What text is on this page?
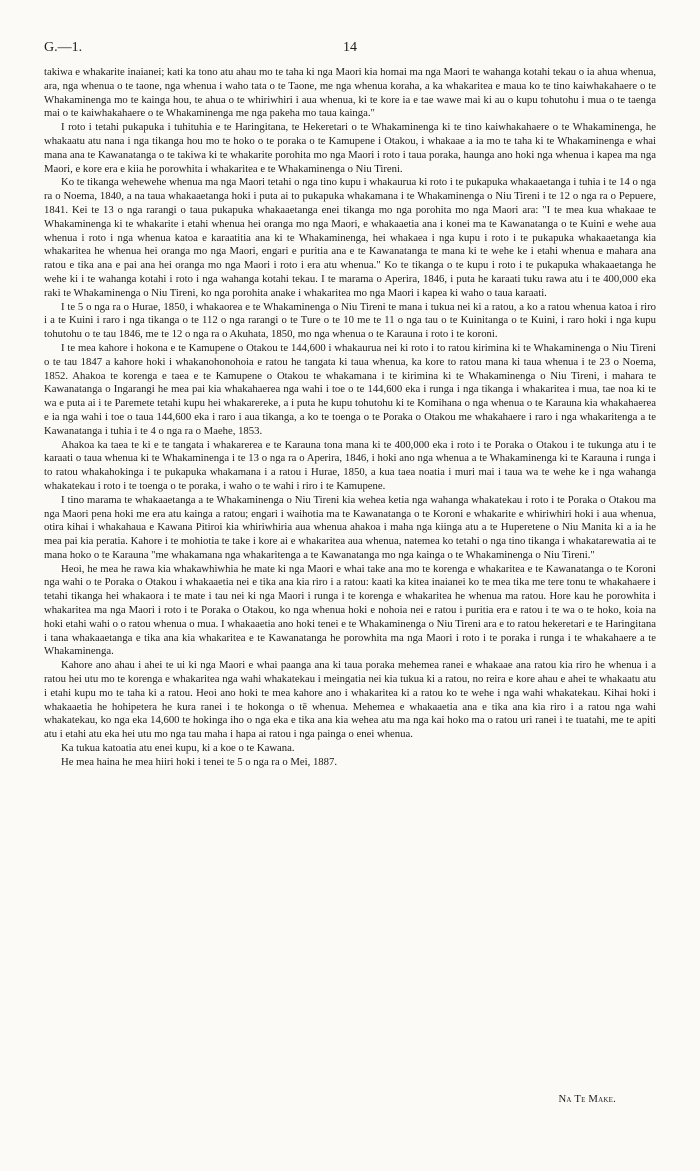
G.—1.	14

takiwa e whakarite inaianei; kati ka tono atu ahau mo te taha ki nga Maori kia homai ma nga Maori te wahanga kotahi tekau o ia ahua whenua, ara, nga whenua o te taone, nga whenua i waho tata o te Taone, me nga whenua koraha, a ka whakaritea e maua ko te tino kaiwhakahaere o te Whakaminenga mo te kainga hou, te ahua o te whiriwhiri i aua whenua, ki te kore ia e tae wawe mai ki au o kupu tohutohu i mua o te taenga mai o te kaiwhakahaere o te Whakaminenga me nga pakeha mo taua kainga."

I roto i tetahi pukapuka i tuhituhia e te Haringitana, te Hekeretari o te Whakaminenga ki te tino kaiwhakahaere o te Whakaminenga, he whakaatu atu nana i nga tikanga hou mo te hoko o te poraka o te Kamupene i Otakou, i whakaae a ia mo te taha ki te Whakaminenga e whai mana ana te Kawanatanga o te takiwa ki te whakarite porohita mo nga Maori i roto i taua poraka, haunga ano hoki nga whenua i kapea ma nga Maori, e kore era e kiia he porowhita i whakaritea e te Whakaminenga o Niu Tireni.

Ko te tikanga wehewehe whenua ma nga Maori tetahi o nga tino kupu i whakaurua ki roto i te pukapuka whakaaetanga i tuhia i te 14 o nga ra o Noema, 1840, a na taua whakaaetanga hoki i puta ai to pukapuka whakamana i te Whakaminenga o Niu Tireni i te 12 o nga ra o Pepuere, 1841. Kei te 13 o nga rarangi o taua pukapuka whakaaetanga enei tikanga mo nga porohita mo nga Maori ara: "I te mea kua whakaae te Whakaminenga ki te whakarite i etahi whenua hei oranga mo nga Maori, e whakaaetia ana i konei ma te Kawanatanga o te Kuini e wehe aua whenua i roto i nga whenua katoa e karaatitia ana ki te Whakaminenga, hei whakaea i nga kupu i roto i te pukapuka whakaaetanga kia whakaritea he whenua hei oranga mo nga Maori, engari e puritia ana e te Kawanatanga te mana ki te wehe ke i etahi whenua e mahara ana ratou e tika ana e pai ana hei oranga mo nga Maori i roto i era atu whenua." Ko te tikanga o te kupu i roto i te pukapuka whakaaetanga he wehe ki i te wahanga kotahi i roto i nga wahanga kotahi tekau. I te marama o Aperira, 1846, i puta he karaati tuku rawa atu i te 400,000 eka raki te Whakaminenga o Niu Tireni, ko nga porohita anake i whakaritea mo nga Maori i kapea ki waho o taua karaati.

I te 5 o nga ra o Hurae, 1850, i whakaorea e te Whakaminenga o Niu Tireni te mana i tukua nei ki a ratou, a ko a ratou whenua katoa i riro i a te Kuini i raro i nga tikanga o te 112 o nga rarangi o te Ture o te 10 me te 11 o nga tau o te Kuinitanga o te Kuini, i raro hoki i nga kupu tohutohu o te tau 1846, me te 12 o nga ra o Akuhata, 1850, mo nga whenua o te Karauna i roto i te koroni.

I te mea kahore i hokona e te Kamupene o Otakou te 144,600 i whakaurua nei ki roto i to ratou kirimina ki te Whakaminenga o Niu Tireni o te tau 1847 a kahore hoki i whakanohonohoia e ratou he tangata ki taua whenua, ka kore to ratou mana ki taua whenua i te 23 o Noema, 1852. Ahakoa te korenga e taea e te Kamupene o Otakou te whakamana i te kirimina ki te Whakaminenga o Niu Tireni, i mahara te Kawanatanga o Ingarangi he mea pai kia whakahaerea nga wahi i toe o te 144,600 eka i runga i nga tikanga i whakaritea i mua, tae noa ki te wa e puta ai i te Paremete tetahi kupu hei whakarereke, a i puta he kupu tohutohu ki te Komihana o nga whenua o te Karauna kia whakahaerea e ia nga wahi i toe o taua 144,600 eka i raro i aua tikanga, a ko te toenga o te Poraka o Otakou me whakahaere i raro i nga whakaritenga a te Kawanatanga i tuhia i te 4 o nga ra o Maehe, 1853.

Ahakoa ka taea te ki e te tangata i whakarerea e te Karauna tona mana ki te 400,000 eka i roto i te Poraka o Otakou i te tukunga atu i te karaati o taua whenua ki te Whakaminenga i te 13 o nga ra o Aperira, 1846, i hoki ano nga whenua a te Whakaminenga ki te Karauna i runga i to ratou whakahokinga i te pukapuka whakamana i a ratou i Hurae, 1850, a kua taea noatia i muri mai i taua wa te wehe ke i nga wahanga whakatekau i roto i te toenga o te poraka, i waho o te wahi i riro i te Kamupene.

I tino marama te whakaaetanga a te Whakaminenga o Niu Tireni kia wehea ketia nga wahanga whakatekau i roto i te Poraka o Otakou ma nga Maori pena hoki me era atu kainga a ratou; engari i waihotia ma te Kawanatanga o te Koroni e whakarite e whiriwhiri hoki i aua whenua, otira kihai i whakahaua e Kawana Pitiroi kia whiriwhiria aua whenua ahakoa i maha nga kiinga atu a te Huperetene o Niu Manita ki a ia he mea pai kia peratia. Kahore i te mohiotia te take i kore ai e whakaritea aua whenua, natemea ko tetahi o nga tino tikanga i whakatarewatia ai te mana hoko o te Karauna "me whakamana nga whakaritenga a te Kawanatanga mo nga kainga o te Whakaminenga o Niu Tireni."

Heoi, he mea he rawa kia whakawhiwhia he mate ki nga Maori e whai take ana mo te korenga e whakaritea e te Kawanatanga o te Koroni nga wahi o te Poraka o Otakou i whakaaetia nei e tika ana kia riro i a ratou: kaati ka kitea inaianei ko te mea tika me tere tonu te whakahaere i tetahi tikanga hei whakaora i te mate i tau nei ki nga Maori i runga i te korenga e whakaritea he whenua ma ratou. Hore kau he porowhita i whakaritea ma nga Maori i roto i te Poraka o Otakou, ko nga whenua hoki e nohoia nei e ratou i puritia era e ratou i te wa o te hoko, koia na hoki etahi wahi o o ratou whenua o mua. I whakaaetia ano hoki tenei e te Whakaminenga o Niu Tireni ara e to ratou hekeretari e te Haringitana i tana whakaaetanga e tika ana kia whakaritea e te Kawanatanga he porowhita ma nga Maori i roto i te poraka i runga i te whakahaere a te Whakaminenga.

Kahore ano ahau i ahei te ui ki nga Maori e whai paanga ana ki taua poraka mehemea ranei e whakaae ana ratou kia riro he whenua i a ratou hei utu mo te korenga e whakaritea nga wahi whakatekau i meingatia nei kia tukua ki a ratou, no reira e kore ahau e ahei te whakaatu atu i etahi kupu mo te taha ki a ratou. Heoi ano hoki te mea kahore ano i whakaritea ki a ratou ko te wehe i nga wahi whakatekau. Kihai hoki i whakaaetia he hohipetera he kura ranei i te hokonga o tē whenua. Mehemea e whakaaetia ana e tika ana kia riro i a ratou nga wahi whakatekau, ko nga eka 14,600 te hokinga iho o nga eka e tika ana kia wehea atu ma nga kai hoko ma o ratou uri ranei i te tuatahi, me te apiti atu i etahi atu eka hei utu mo nga tau maha i hapa ai ratou i nga painga o enei whenua.

Ka tukua katoatia atu enei kupu, ki a koe o te Kawana.

He mea haina he mea hiiri hoki i tenei te 5 o nga ra o Mei, 1887.

Na Te Make.
